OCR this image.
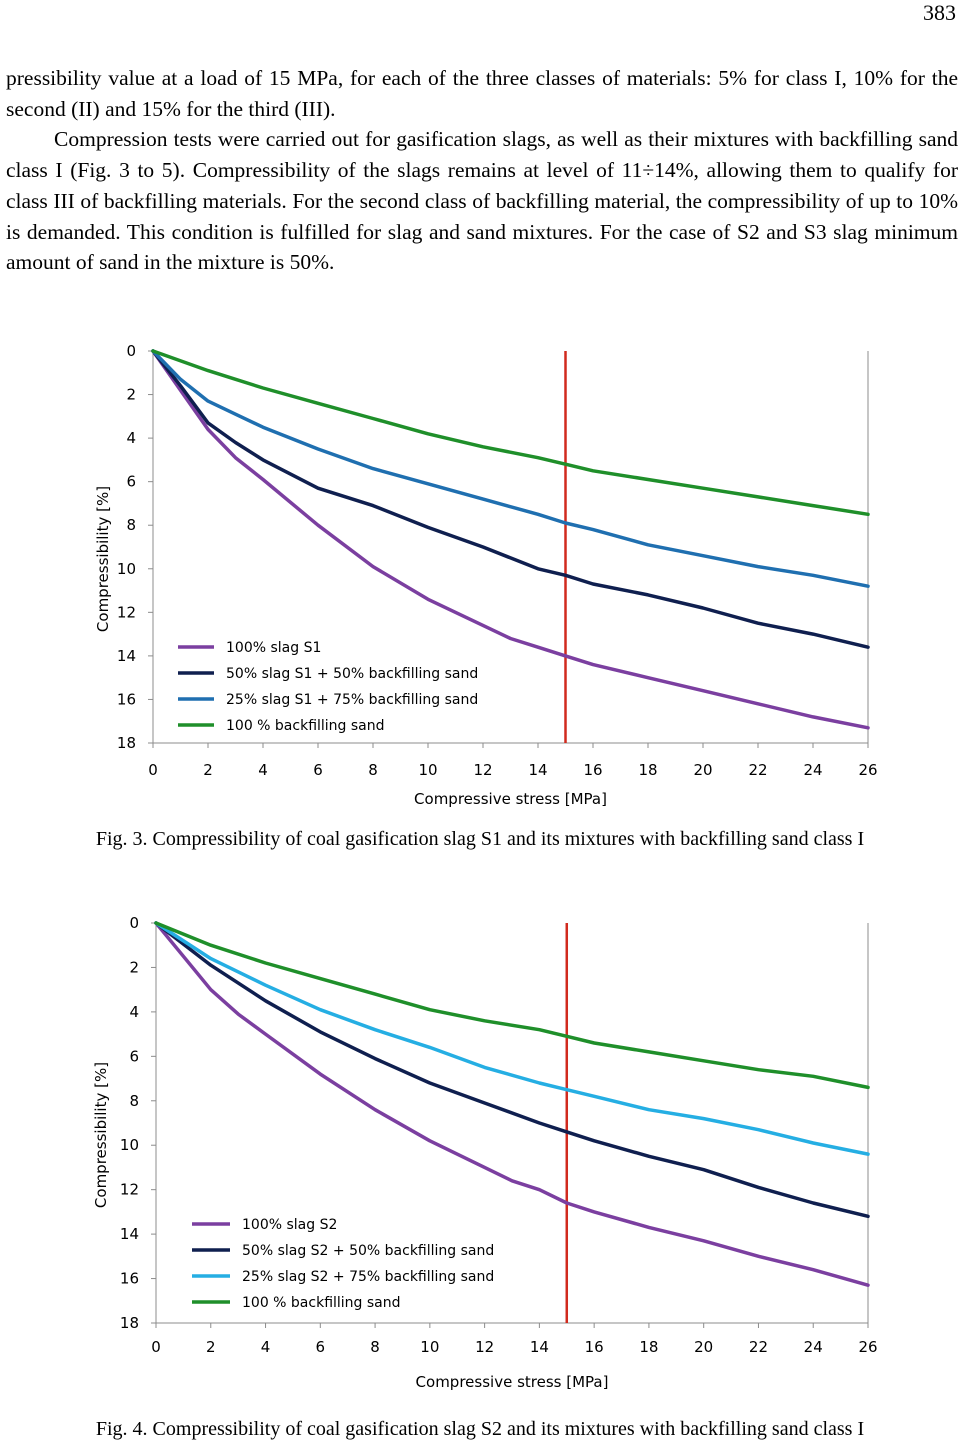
383

pressibility value at a load of 15 MPa, for each of the three classes of materials: 5% for class I, 10% for the second (II) and 15% for the third (III).

Compression tests were carried out for gasification slags, as well as their mixtures with backfilling sand class I (Fig. 3 to 5). Compressibility of the slags remains at level of 11÷14%, allowing them to qualify for class III of backfilling materials. For the second class of backfilling material, the compressibility of up to 10% is demanded. This condition is fulfilled for slag and sand mixtures. For the case of S2 and S3 slag minimum amount of sand in the mixture is 50%.

0
2
4
6
8
10
12
14
16
18
0	2	4	6	8	10 12 14 16 18 20 22 24 26
Compressive stress [MPa]
Compressibility [%]
100% slag S1
50% slag S1 + 50% backfilling sand
25% slag S1 + 75% backfilling sand
100 % backfilling sand
Fig. 3. Compressibility of coal gasification slag S1 and its mixtures with backfilling sand class I
0
2
4
6
8
10
12
14
16
18
0	2	4	6	8	10 12 14 16 18 20 22 24 26
Compressive stress [MPa]
Compressibility [%]
100% slag S2
50% slag S2 + 50% backfilling sand
25% slag S2 + 75% backfilling sand
100 % backfilling sand
Fig. 4. Compressibility of coal gasification slag S2 and its mixtures with backfilling sand class I
